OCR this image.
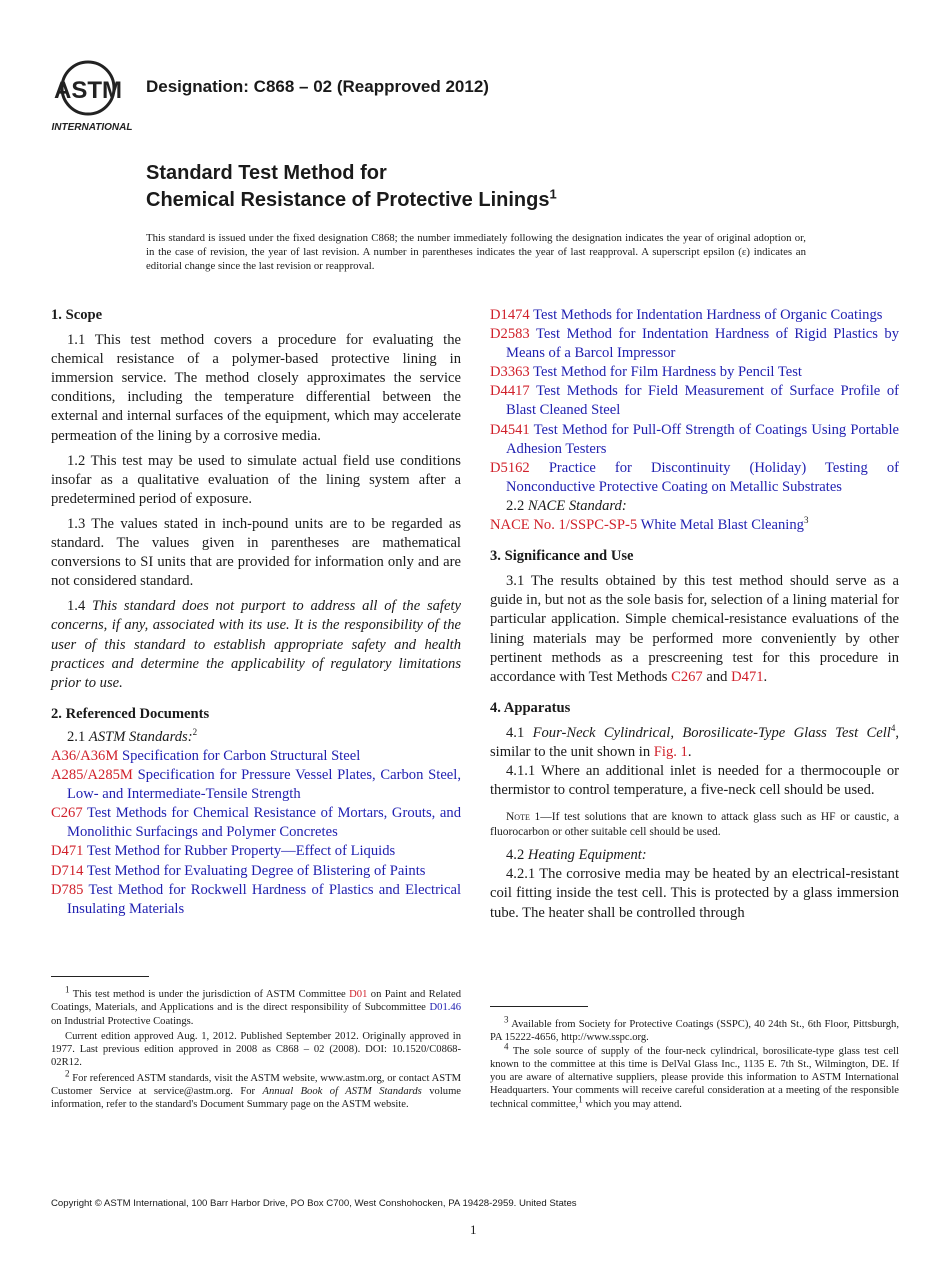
ASTM
INTERNATIONAL
Designation: C868 – 02 (Reapproved 2012)
Standard Test Method for
Chemical Resistance of Protective Linings$^1$
This standard is issued under the fixed designation C868; the number immediately following the designation indicates the year of original adoption or, in the case of revision, the year of last revision. A number in parentheses indicates the year of last reapproval. A superscript epsilon (ε) indicates an editorial change since the last revision or reapproval.

1. Scope

1.1 This test method covers a procedure for evaluating the chemical resistance of a polymer-based protective lining in immersion service. The method closely approximates the service conditions, including the temperature differential between the external and internal surfaces of the equipment, which may accelerate permeation of the lining by a corrosive media.

1.2 This test may be used to simulate actual field use conditions insofar as a qualitative evaluation of the lining system after a predetermined period of exposure.

1.3 The values stated in inch-pound units are to be regarded as standard. The values given in parentheses are mathematical conversions to SI units that are provided for information only and are not considered standard.

1.4 This standard does not purport to address all of the safety concerns, if any, associated with its use. It is the responsibility of the user of this standard to establish appropriate safety and health practices and determine the applicability of regulatory limitations prior to use.

2. Referenced Documents

2.1 ASTM Standards:$^2$

A36/A36M Specification for Carbon Structural Steel

A285/A285M Specification for Pressure Vessel Plates, Carbon Steel, Low- and Intermediate-Tensile Strength

C267 Test Methods for Chemical Resistance of Mortars, Grouts, and Monolithic Surfacings and Polymer Concretes

D471 Test Method for Rubber Property—Effect of Liquids

D714 Test Method for Evaluating Degree of Blistering of Paints

D785 Test Method for Rockwell Hardness of Plastics and Electrical Insulating Materials

$^1$ This test method is under the jurisdiction of ASTM Committee D01 on Paint and Related Coatings, Materials, and Applications and is the direct responsibility of Subcommittee D01.46 on Industrial Protective Coatings.

Current edition approved Aug. 1, 2012. Published September 2012. Originally approved in 1977. Last previous edition approved in 2008 as C868 – 02 (2008). DOI: 10.1520/C0868-02R12.

$^2$ For referenced ASTM standards, visit the ASTM website, www.astm.org, or contact ASTM Customer Service at service@astm.org. For Annual Book of ASTM Standards volume information, refer to the standard's Document Summary page on the ASTM website.

D1474 Test Methods for Indentation Hardness of Organic Coatings

D2583 Test Method for Indentation Hardness of Rigid Plastics by Means of a Barcol Impressor

D3363 Test Method for Film Hardness by Pencil Test

D4417 Test Methods for Field Measurement of Surface Profile of Blast Cleaned Steel

D4541 Test Method for Pull-Off Strength of Coatings Using Portable Adhesion Testers

D5162 Practice for Discontinuity (Holiday) Testing of Nonconductive Protective Coating on Metallic Substrates

2.2 NACE Standard:

NACE No. 1/SSPC-SP-5 White Metal Blast Cleaning$^3$

3. Significance and Use

3.1 The results obtained by this test method should serve as a guide in, but not as the sole basis for, selection of a lining material for particular application. Simple chemical-resistance evaluations of the lining materials may be performed more conveniently by other pertinent methods as a prescreening test for this procedure in accordance with Test Methods C267 and D471.

4. Apparatus

4.1 Four-Neck Cylindrical, Borosilicate-Type Glass Test Cell$^4$, similar to the unit shown in Fig. 1.

4.1.1 Where an additional inlet is needed for a thermocouple or thermistor to control temperature, a five-neck cell should be used.

Note 1—If test solutions that are known to attack glass such as HF or caustic, a fluorocarbon or other suitable cell should be used.

4.2 Heating Equipment:

4.2.1 The corrosive media may be heated by an electrical-resistant coil fitting inside the test cell. This is protected by a glass immersion tube. The heater shall be controlled through

$^3$ Available from Society for Protective Coatings (SSPC), 40 24th St., 6th Floor, Pittsburgh, PA 15222-4656, http://www.sspc.org.

$^4$ The sole source of supply of the four-neck cylindrical, borosilicate-type glass test cell known to the committee at this time is DelVal Glass Inc., 1135 E. 7th St., Wilmington, DE. If you are aware of alternative suppliers, please provide this information to ASTM International Headquarters. Your comments will receive careful consideration at a meeting of the responsible technical committee,$^1$ which you may attend.

Copyright © ASTM International, 100 Barr Harbor Drive, PO Box C700, West Conshohocken, PA 19428-2959. United States
1
